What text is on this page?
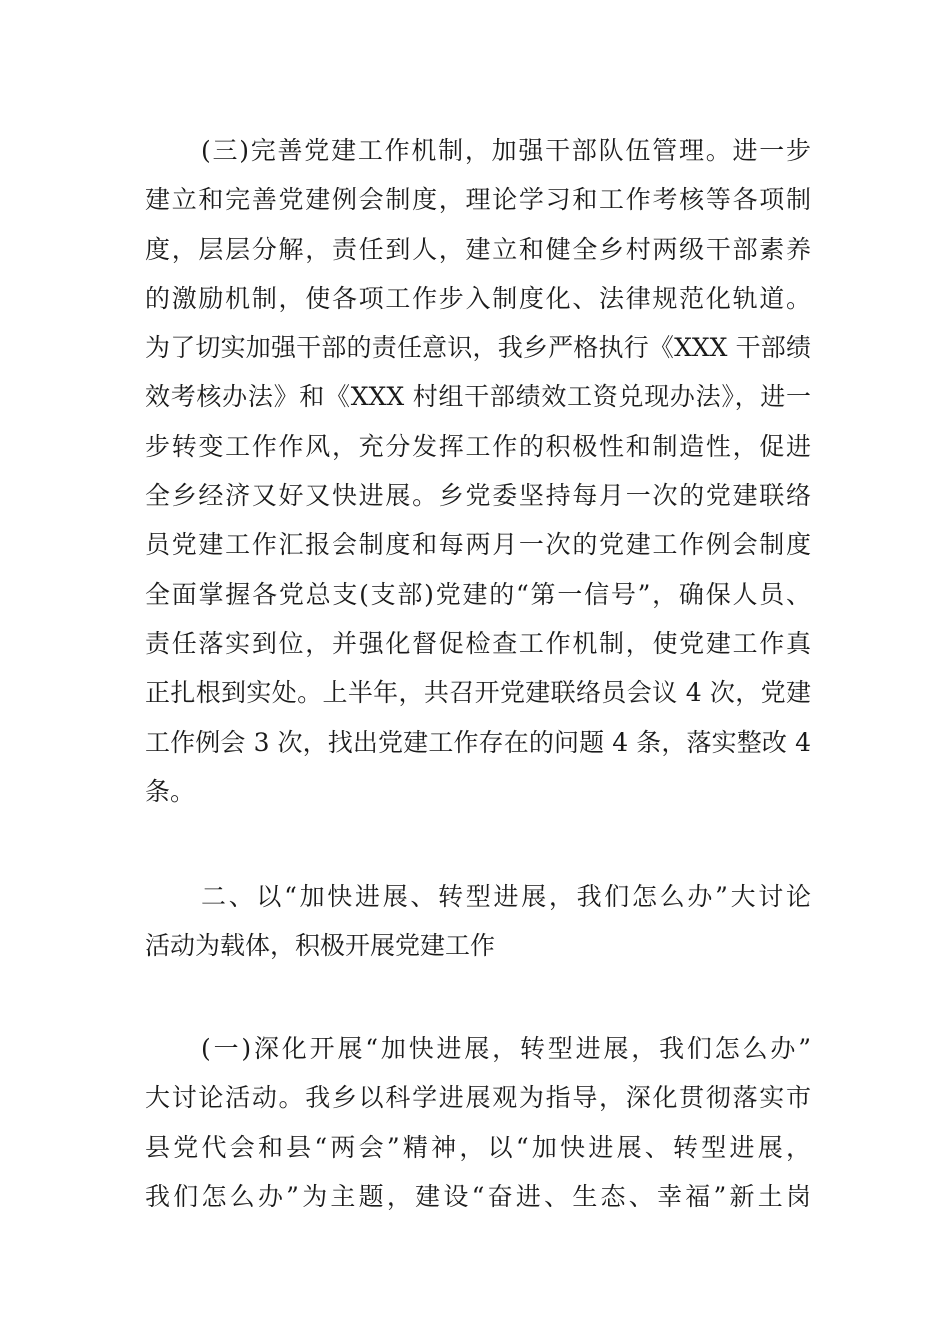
(三)完善党建工作机制，加强干部队伍管理。进一步
建立和完善党建例会制度，理论学习和工作考核等各项制
度，层层分解，责任到人，建立和健全乡村两级干部素养
的激励机制，使各项工作步入制度化、法律规范化轨道。
为了切实加强干部的责任意识，我乡严格执行《XXX 干部绩
效考核办法》和《XXX 村组干部绩效工资兑现办法》，进一
步转变工作作风，充分发挥工作的积极性和制造性，促进
全乡经济又好又快进展。乡党委坚持每月一次的党建联络
员党建工作汇报会制度和每两月一次的党建工作例会制度
全面掌握各党总支(支部)党建的“第一信号”，确保人员、
责任落实到位，并强化督促检查工作机制，使党建工作真
正扎根到实处。上半年，共召开党建联络员会议 4 次，党建
工作例会 3 次，找出党建工作存在的问题 4 条，落实整改 4
条。
二、以“加快进展、转型进展，我们怎么办”大讨论
活动为载体，积极开展党建工作
(一)深化开展“加快进展，转型进展，我们怎么办”
大讨论活动。我乡以科学进展观为指导，深化贯彻落实市
县党代会和县“两会”精神，以“加快进展、转型进展，
我们怎么办”为主题，建设“奋进、生态、幸福”新土岗
